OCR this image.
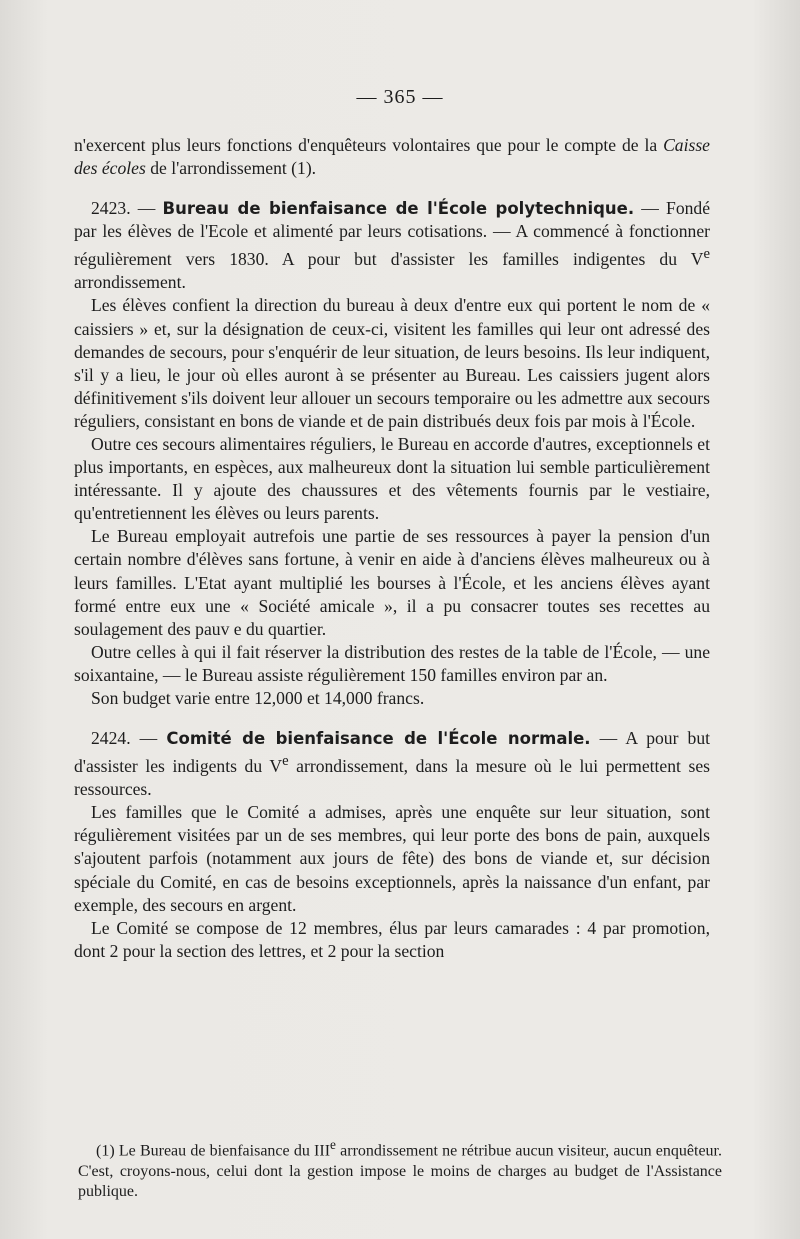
— 365 —

n'exercent plus leurs fonctions d'enquêteurs volontaires que pour le compte de la Caisse des écoles de l'arrondissement (1).

2423. — Bureau de bienfaisance de l'École polytechnique. — Fondé par les élèves de l'Ecole et alimenté par leurs cotisations. — A commencé à fonctionner régulièrement vers 1830. A pour but d'assister les familles indigentes du Ve arrondissement.

Les élèves confient la direction du bureau à deux d'entre eux qui portent le nom de « caissiers » et, sur la désignation de ceux-ci, visitent les familles qui leur ont adressé des demandes de secours, pour s'enquérir de leur situation, de leurs besoins. Ils leur indiquent, s'il y a lieu, le jour où elles auront à se présenter au Bureau. Les caissiers jugent alors définitivement s'ils doivent leur allouer un secours temporaire ou les admettre aux secours réguliers, consistant en bons de viande et de pain distribués deux fois par mois à l'École.

Outre ces secours alimentaires réguliers, le Bureau en accorde d'autres, exceptionnels et plus importants, en espèces, aux malheureux dont la situation lui semble particulièrement intéressante. Il y ajoute des chaussures et des vêtements fournis par le vestiaire, qu'entretiennent les élèves ou leurs parents.

Le Bureau employait autrefois une partie de ses ressources à payer la pension d'un certain nombre d'élèves sans fortune, à venir en aide à d'anciens élèves malheureux ou à leurs familles. L'Etat ayant multiplié les bourses à l'École, et les anciens élèves ayant formé entre eux une « Société amicale », il a pu consacrer toutes ses recettes au soulagement des pauv e du quartier.

Outre celles à qui il fait réserver la distribution des restes de la table de l'École, — une soixantaine, — le Bureau assiste régulièrement 150 familles environ par an.

Son budget varie entre 12,000 et 14,000 francs.

2424. — Comité de bienfaisance de l'École normale. — A pour but d'assister les indigents du Ve arrondissement, dans la mesure où le lui permettent ses ressources.

Les familles que le Comité a admises, après une enquête sur leur situation, sont régulièrement visitées par un de ses membres, qui leur porte des bons de pain, auxquels s'ajoutent parfois (notamment aux jours de fête) des bons de viande et, sur décision spéciale du Comité, en cas de besoins exceptionnels, après la naissance d'un enfant, par exemple, des secours en argent.

Le Comité se compose de 12 membres, élus par leurs camarades : 4 par promotion, dont 2 pour la section des lettres, et 2 pour la section

(1) Le Bureau de bienfaisance du IIIe arrondissement ne rétribue aucun visiteur, aucun enquêteur. C'est, croyons-nous, celui dont la gestion impose le moins de charges au budget de l'Assistance publique.
